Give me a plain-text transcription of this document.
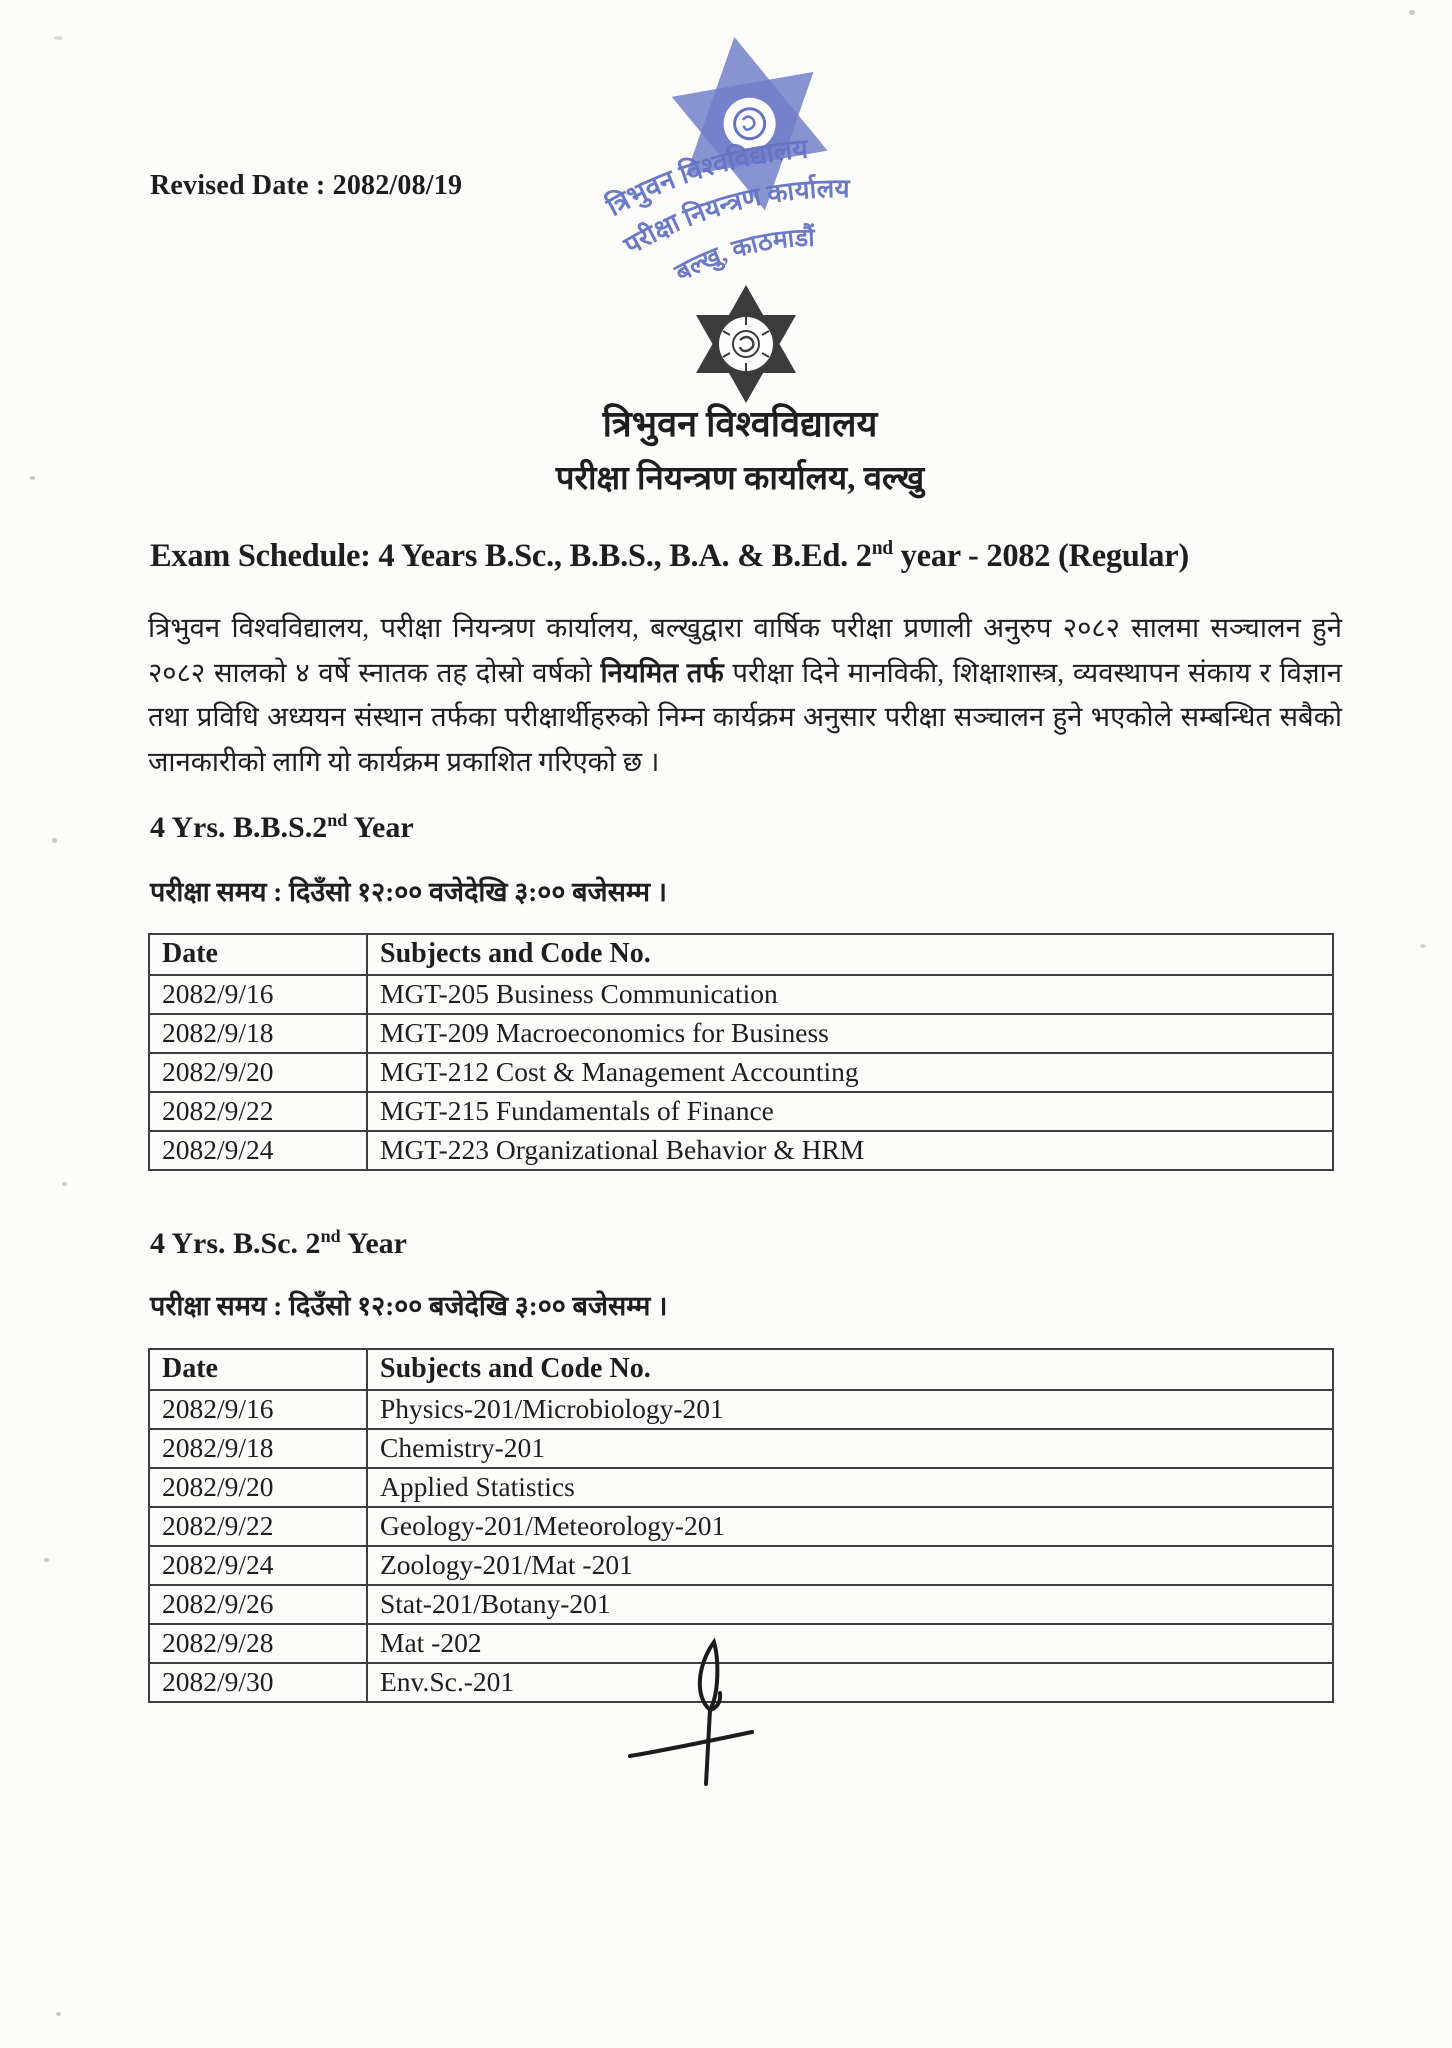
Revised Date : 2082/08/19	त्रिभुवन विश्वविद्यालय
परीक्षा नियन्त्रण कार्यालय
बल्खु, काठमाडौं
त्रिभुवन विश्वविद्यालय
परीक्षा नियन्त्रण कार्यालय, वल्खु
Exam Schedule: 4 Years B.Sc., B.B.S., B.A. & B.Ed. 2nd year - 2082 (Regular)
त्रिभुवन विश्वविद्यालय, परीक्षा नियन्त्रण कार्यालय, बल्खुद्वारा वार्षिक परीक्षा प्रणाली अनुरुप २०८२ सालमा सञ्चालन हुने २०८२ सालको ४ वर्षे स्नातक तह दोस्रो वर्षको नियमित तर्फ परीक्षा दिने मानविकी, शिक्षाशास्त्र, व्यवस्थापन संकाय र विज्ञान तथा प्रविधि अध्ययन संस्थान तर्फका परीक्षार्थीहरुको निम्न कार्यक्रम अनुसार परीक्षा सञ्चालन हुने भएकोले सम्बन्धित सबैको जानकारीको लागि यो कार्यक्रम प्रकाशित गरिएको छ ।
4 Yrs. B.B.S.2nd Year
परीक्षा समय : दिउँसो १२:०० वजेदेखि ३:०० बजेसम्म ।
Date	Subjects and Code No.
2082/9/16	MGT-205 Business Communication
2082/9/18	MGT-209 Macroeconomics for Business
2082/9/20	MGT-212 Cost & Management Accounting
2082/9/22	MGT-215 Fundamentals of Finance
2082/9/24	MGT-223 Organizational Behavior & HRM
4 Yrs. B.Sc. 2nd Year
परीक्षा समय : दिउँसो १२:०० बजेदेखि ३:०० बजेसम्म ।
Date	Subjects and Code No.
2082/9/16	Physics-201/Microbiology-201
2082/9/18	Chemistry-201
2082/9/20	Applied Statistics
2082/9/22	Geology-201/Meteorology-201
2082/9/24	Zoology-201/Mat -201
2082/9/26	Stat-201/Botany-201
2082/9/28	Mat -202
2082/9/30	Env.Sc.-201
